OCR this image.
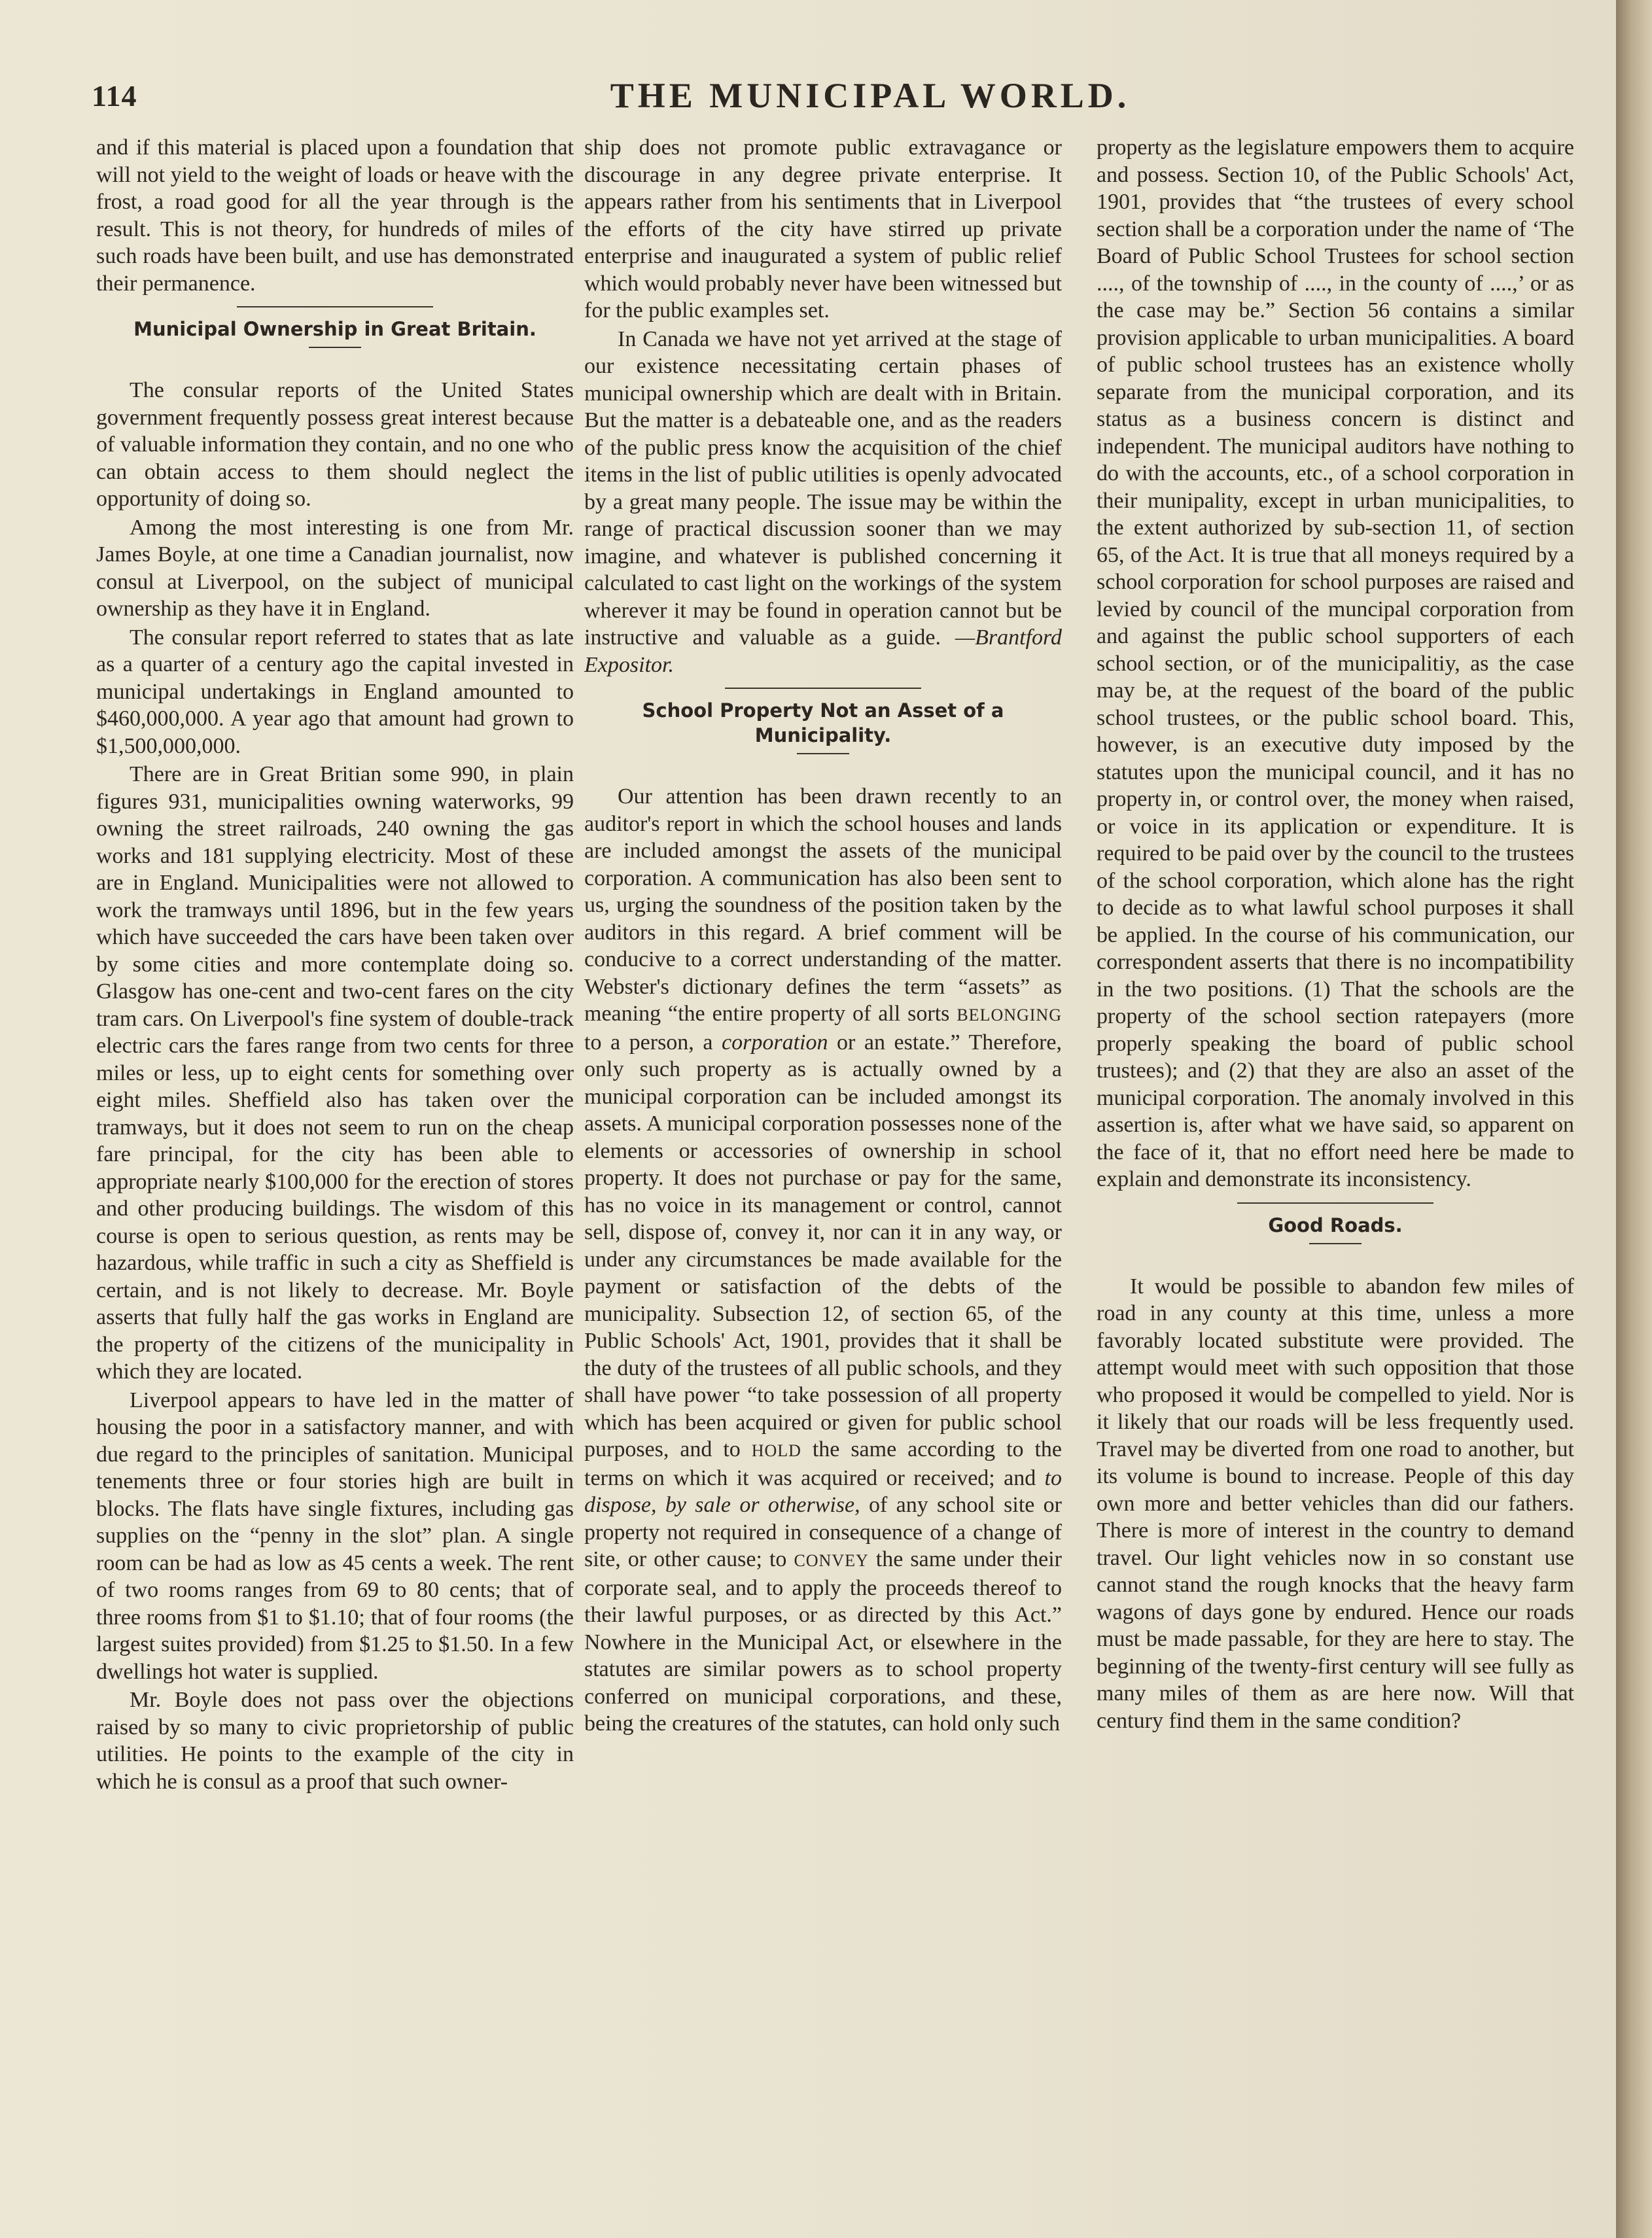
114	THE MUNICIPAL WORLD.

and if this material is placed upon a foundation that will not yield to the weight of loads or heave with the frost, a road good for all the year through is the result. This is not theory, for hundreds of miles of such roads have been built, and use has demonstrated their permanence.

Municipal Ownership in Great Britain.

The consular reports of the United States government frequently possess great interest because of valuable information they contain, and no one who can obtain access to them should neglect the opportunity of doing so.

Among the most interesting is one from Mr. James Boyle, at one time a Canadian journalist, now consul at Liverpool, on the subject of municipal ownership as they have it in England.

The consular report referred to states that as late as a quarter of a century ago the capital invested in municipal undertakings in England amounted to $460,000,000. A year ago that amount had grown to $1,500,000,000.

There are in Great Britian some 990, in plain figures 931, municipalities owning waterworks, 99 owning the street railroads, 240 owning the gas works and 181 supplying electricity. Most of these are in England. Municipalities were not allowed to work the tramways until 1896, but in the few years which have succeeded the cars have been taken over by some cities and more contemplate doing so. Glasgow has one-cent and two-cent fares on the city tram cars. On Liverpool's fine system of double-track electric cars the fares range from two cents for three miles or less, up to eight cents for something over eight miles. Sheffield also has taken over the tramways, but it does not seem to run on the cheap fare principal, for the city has been able to appropriate nearly $100,000 for the erection of stores and other producing buildings. The wisdom of this course is open to serious question, as rents may be hazardous, while traffic in such a city as Sheffield is certain, and is not likely to decrease. Mr. Boyle asserts that fully half the gas works in England are the property of the citizens of the municipality in which they are located.

Liverpool appears to have led in the matter of housing the poor in a satisfactory manner, and with due regard to the principles of sanitation. Municipal tenements three or four stories high are built in blocks. The flats have single fixtures, including gas supplies on the “penny in the slot” plan. A single room can be had as low as 45 cents a week. The rent of two rooms ranges from 69 to 80 cents; that of three rooms from $1 to $1.10; that of four rooms (the largest suites provided) from $1.25 to $1.50. In a few dwellings hot water is supplied.

Mr. Boyle does not pass over the objections raised by so many to civic proprietorship of public utilities. He points to the example of the city in which he is consul as a proof that such owner-

ship does not promote public extravagance or discourage in any degree private enterprise. It appears rather from his sentiments that in Liverpool the efforts of the city have stirred up private enterprise and inaugurated a system of public relief which would probably never have been witnessed but for the public examples set.

In Canada we have not yet arrived at the stage of our existence necessitating certain phases of municipal ownership which are dealt with in Britain. But the matter is a debateable one, and as the readers of the public press know the acquisition of the chief items in the list of public utilities is openly advocated by a great many people. The issue may be within the range of practical discussion sooner than we may imagine, and whatever is published concerning it calculated to cast light on the workings of the system wherever it may be found in operation cannot but be instructive and valuable as a guide. —Brantford Expositor.

School Property Not an Asset of a Municipality.

Our attention has been drawn recently to an auditor's report in which the school houses and lands are included amongst the assets of the municipal corporation. A communication has also been sent to us, urging the soundness of the position taken by the auditors in this regard. A brief comment will be conducive to a correct understanding of the matter. Webster's dictionary defines the term “assets” as meaning “the entire property of all sorts BELONGING to a person, a corporation or an estate.” Therefore, only such property as is actually owned by a municipal corporation can be included amongst its assets. A municipal corporation possesses none of the elements or accessories of ownership in school property. It does not purchase or pay for the same, has no voice in its management or control, cannot sell, dispose of, convey it, nor can it in any way, or under any circumstances be made available for the payment or satisfaction of the debts of the municipality. Subsection 12, of section 65, of the Public Schools' Act, 1901, provides that it shall be the duty of the trustees of all public schools, and they shall have power “to take possession of all property which has been acquired or given for public school purposes, and to HOLD the same according to the terms on which it was acquired or received; and to dispose, by sale or otherwise, of any school site or property not required in consequence of a change of site, or other cause; to CONVEY the same under their corporate seal, and to apply the proceeds thereof to their lawful purposes, or as directed by this Act.” Nowhere in the Municipal Act, or elsewhere in the statutes are similar powers as to school property conferred on municipal corporations, and these, being the creatures of the statutes, can hold only such

property as the legislature empowers them to acquire and possess. Section 10, of the Public Schools' Act, 1901, provides that “the trustees of every school section shall be a corporation under the name of ‘The Board of Public School Trustees for school section ...., of the township of ...., in the county of ....,’ or as the case may be.” Section 56 contains a similar provision applicable to urban municipalities. A board of public school trustees has an existence wholly separate from the municipal corporation, and its status as a business concern is distinct and independent. The municipal auditors have nothing to do with the accounts, etc., of a school corporation in their munipality, except in urban municipalities, to the extent authorized by sub-section 11, of section 65, of the Act. It is true that all moneys required by a school corporation for school purposes are raised and levied by council of the muncipal corporation from and against the public school supporters of each school section, or of the municipalitiy, as the case may be, at the request of the board of the public school trustees, or the public school board. This, however, is an executive duty imposed by the statutes upon the municipal council, and it has no property in, or control over, the money when raised, or voice in its application or expenditure. It is required to be paid over by the council to the trustees of the school corporation, which alone has the right to decide as to what lawful school purposes it shall be applied. In the course of his communication, our correspondent asserts that there is no incompatibility in the two positions. (1) That the schools are the property of the school section ratepayers (more properly speaking the board of public school trustees); and (2) that they are also an asset of the municipal corporation. The anomaly involved in this assertion is, after what we have said, so apparent on the face of it, that no effort need here be made to explain and demonstrate its inconsistency.

Good Roads.

It would be possible to abandon few miles of road in any county at this time, unless a more favorably located substitute were provided. The attempt would meet with such opposition that those who proposed it would be compelled to yield. Nor is it likely that our roads will be less frequently used. Travel may be diverted from one road to another, but its volume is bound to increase. People of this day own more and better vehicles than did our fathers. There is more of interest in the country to demand travel. Our light vehicles now in so constant use cannot stand the rough knocks that the heavy farm wagons of days gone by endured. Hence our roads must be made passable, for they are here to stay. The beginning of the twenty-first century will see fully as many miles of them as are here now. Will that century find them in the same condition?
